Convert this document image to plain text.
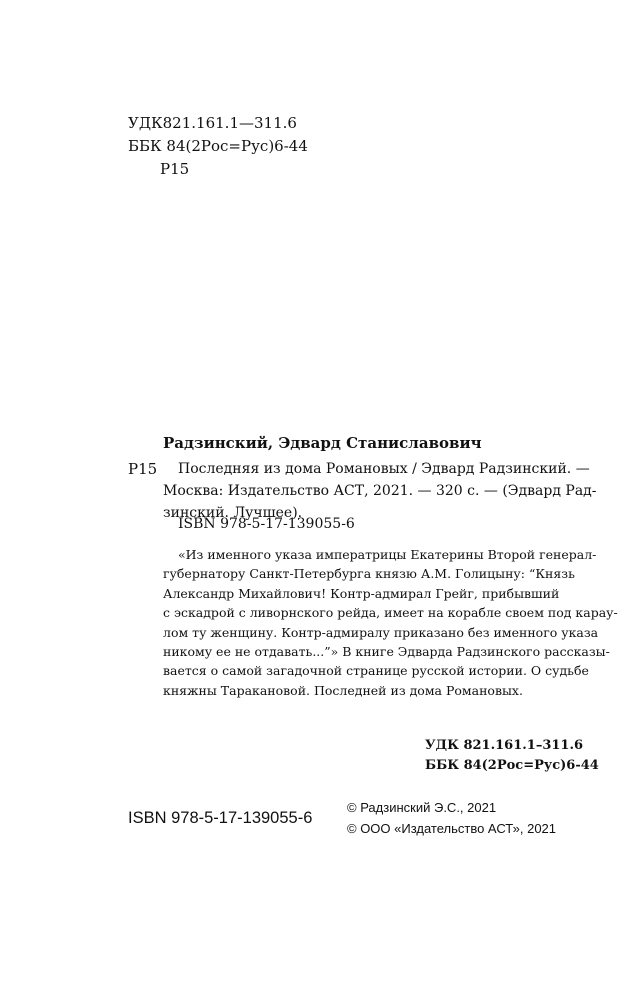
УДК821.161.1—311.6
ББК 84(2Рос=Рус)6-44
Р15
Радзинский, Эдвард Станиславович
Р15	Последняя из дома Романовых / Эдвард Радзинский. —
Москва: Издательство АСТ, 2021. — 320 с. — (Эдвард Рад-
зинский. Лучшее).
ISBN 978-5-17-139055-6
«Из именного указа императрицы Екатерины Второй генерал-
губернатору Санкт-Петербурга князю А.М. Голицыну: “Князь
Александр Михайлович! Контр-адмирал Грейг, прибывший
с эскадрой с ливорнского рейда, имеет на корабле своем под карау-
лом ту женщину. Контр-адмиралу приказано без именного указа
никому ее не отдавать...”» В книге Эдварда Радзинского рассказы-
вается о самой загадочной странице русской истории. О судьбе
княжны Таракановой. Последней из дома Романовых.
УДК 821.161.1–311.6
ББК 84(2Рос=Рус)6-44
ISBN 978-5-17-139055-6
© Радзинский Э.С., 2021
© ООО «Издательство АСТ», 2021
